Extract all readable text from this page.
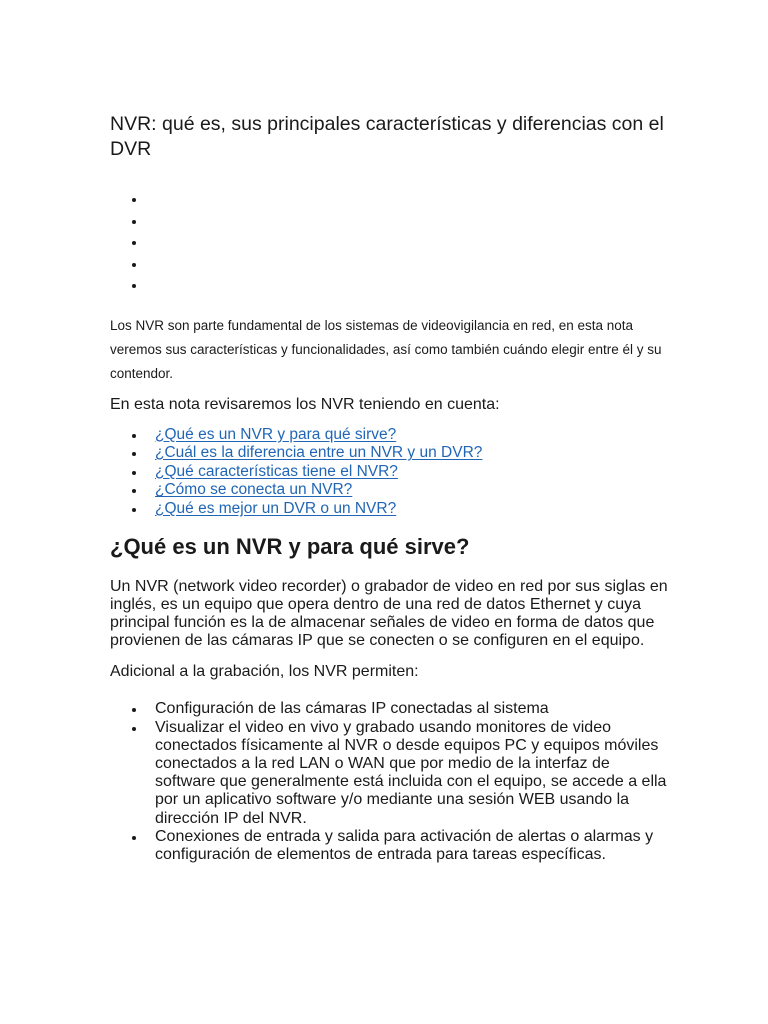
NVR: qué es, sus principales características y diferencias con el DVR

Los NVR son parte fundamental de los sistemas de videovigilancia en red, en esta nota veremos sus características y funcionalidades, así como también cuándo elegir entre él y su contendor.

En esta nota revisaremos los NVR teniendo en cuenta:

¿Qué es un NVR y para qué sirve?
¿Cuál es la diferencia entre un NVR y un DVR?
¿Qué características tiene el NVR?
¿Cómo se conecta un NVR?
¿Qué es mejor un DVR o un NVR?
¿Qué es un NVR y para qué sirve?

Un NVR (network video recorder) o grabador de video en red por sus siglas en inglés, es un equipo que opera dentro de una red de datos Ethernet y cuya principal función es la de almacenar señales de video en forma de datos que provienen de las cámaras IP que se conecten o se configuren en el equipo.

Adicional a la grabación, los NVR permiten:

Configuración de las cámaras IP conectadas al sistema
Visualizar el video en vivo y grabado usando monitores de video conectados físicamente al NVR o desde equipos PC y equipos móviles conectados a la red LAN o WAN que por medio de la interfaz de software que generalmente está incluida con el equipo, se accede a ella por un aplicativo software y/o mediante una sesión WEB usando la dirección IP del NVR.
Conexiones de entrada y salida para activación de alertas o alarmas y configuración de elementos de entrada para tareas específicas.
